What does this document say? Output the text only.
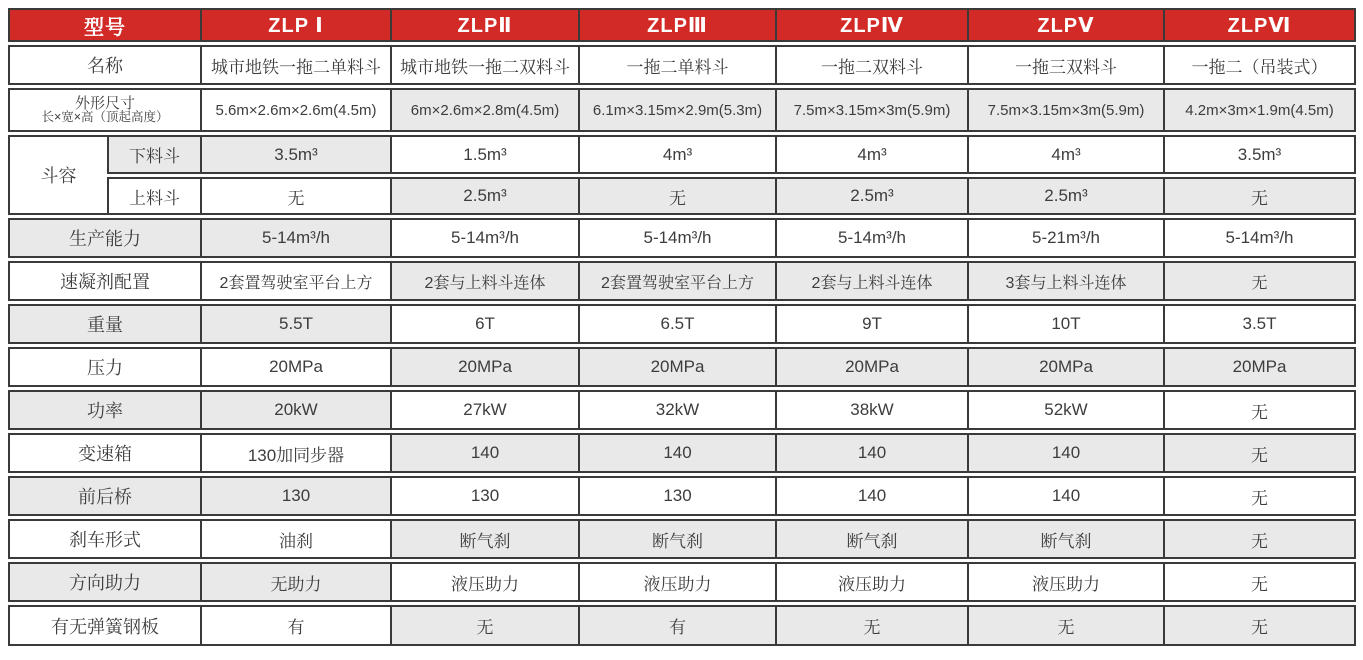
型号		ZLP Ⅰ	ZLPⅡ	ZLPⅢ	ZLPⅣ	ZLPⅤ	ZLPⅥ
名称		城市地铁一拖二单料斗	城市地铁一拖二双料斗	一拖二单料斗	一拖二双料斗	一拖三双料斗	一拖二（吊装式）
外形尺寸
长×宽×高（顶起高度）		5.6m×2.6m×2.6m(4.5m)	6m×2.6m×2.8m(4.5m)	6.1m×3.15m×2.9m(5.3m)	7.5m×3.15m×3m(5.9m)	7.5m×3.15m×3m(5.9m)	4.2m×3m×1.9m(4.5m)
斗容	下料斗	3.5m³	1.5m³	4m³	4m³	4m³	3.5m³
	上料斗	无	2.5m³	无	2.5m³	2.5m³	无
生产能力		5-14m³/h	5-14m³/h	5-14m³/h	5-14m³/h	5-21m³/h	5-14m³/h
速凝剂配置		2套置驾驶室平台上方	2套与上料斗连体	2套置驾驶室平台上方	2套与上料斗连体	3套与上料斗连体	无
重量		5.5T	6T	6.5T	9T	10T	3.5T
压力		20MPa	20MPa	20MPa	20MPa	20MPa	20MPa
功率		20kW	27kW	32kW	38kW	52kW	无
变速箱		130加同步器	140	140	140	140	无
前后桥		130	130	130	140	140	无
刹车形式		油刹	断气刹	断气刹	断气刹	断气刹	无
方向助力		无助力	液压助力	液压助力	液压助力	液压助力	无
有无弹簧钢板		有	无	有	无	无	无
